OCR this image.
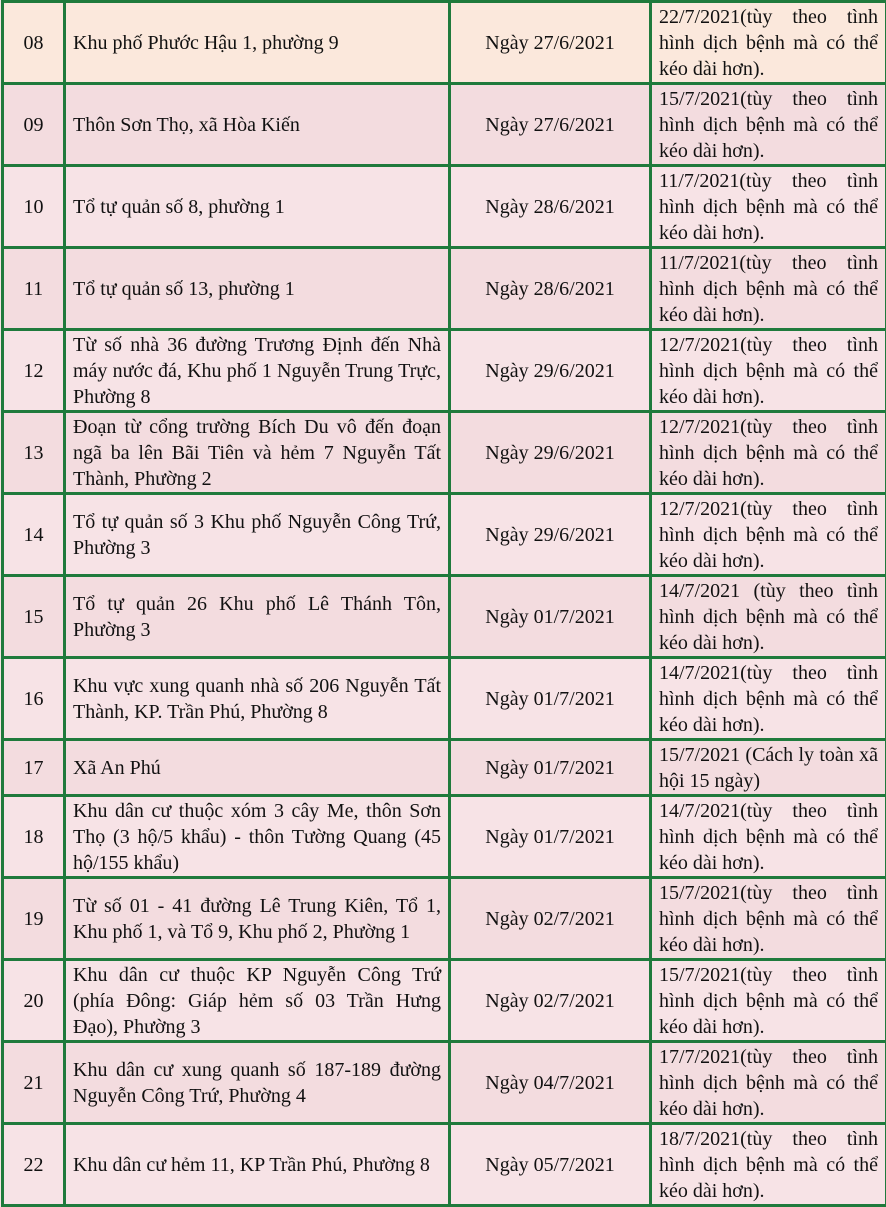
08	Khu phố Phước Hậu 1, phường 9	Ngày 27/6/2021	22/7/2021(tùy theo tình hình dịch bệnh mà có thể kéo dài hơn).
09	Thôn Sơn Thọ, xã Hòa Kiến	Ngày 27/6/2021	15/7/2021(tùy theo tình hình dịch bệnh mà có thể kéo dài hơn).
10	Tổ tự quản số 8, phường 1	Ngày 28/6/2021	11/7/2021(tùy theo tình hình dịch bệnh mà có thể kéo dài hơn).
11	Tổ tự quản số 13, phường 1	Ngày 28/6/2021	11/7/2021(tùy theo tình hình dịch bệnh mà có thể kéo dài hơn).
12	Từ số nhà 36 đường Trương Định đến Nhà máy nước đá, Khu phố 1 Nguyễn Trung Trực, Phường 8	Ngày 29/6/2021	12/7/2021(tùy theo tình hình dịch bệnh mà có thể kéo dài hơn).
13	Đoạn từ cổng trường Bích Du vô đến đoạn ngã ba lên Bãi Tiên và hẻm 7 Nguyễn Tất Thành, Phường 2	Ngày 29/6/2021	12/7/2021(tùy theo tình hình dịch bệnh mà có thể kéo dài hơn).
14	Tổ tự quản số 3 Khu phố Nguyễn Công Trứ, Phường 3	Ngày 29/6/2021	12/7/2021(tùy theo tình hình dịch bệnh mà có thể kéo dài hơn).
15	Tổ tự quản 26 Khu phố Lê Thánh Tôn, Phường 3	Ngày 01/7/2021	14/7/2021 (tùy theo tình hình dịch bệnh mà có thể kéo dài hơn).
16	Khu vực xung quanh nhà số 206 Nguyễn Tất Thành, KP. Trần Phú, Phường 8	Ngày 01/7/2021	14/7/2021(tùy theo tình hình dịch bệnh mà có thể kéo dài hơn).
17	Xã An Phú	Ngày 01/7/2021	15/7/2021 (Cách ly toàn xã hội 15 ngày)
18	Khu dân cư thuộc xóm 3 cây Me, thôn Sơn Thọ (3 hộ/5 khẩu) - thôn Tường Quang (45 hộ/155 khẩu)	Ngày 01/7/2021	14/7/2021(tùy theo tình hình dịch bệnh mà có thể kéo dài hơn).
19	Từ số 01 - 41 đường Lê Trung Kiên, Tổ 1, Khu phố 1, và Tổ 9, Khu phố 2, Phường 1	Ngày 02/7/2021	15/7/2021(tùy theo tình hình dịch bệnh mà có thể kéo dài hơn).
20	Khu dân cư thuộc KP Nguyễn Công Trứ (phía Đông: Giáp hẻm số 03 Trần Hưng Đạo), Phường 3	Ngày 02/7/2021	15/7/2021(tùy theo tình hình dịch bệnh mà có thể kéo dài hơn).
21	Khu dân cư xung quanh số 187-189 đường Nguyễn Công Trứ, Phường 4	Ngày 04/7/2021	17/7/2021(tùy theo tình hình dịch bệnh mà có thể kéo dài hơn).
22	Khu dân cư hẻm 11, KP Trần Phú, Phường 8	Ngày 05/7/2021	18/7/2021(tùy theo tình hình dịch bệnh mà có thể kéo dài hơn).
